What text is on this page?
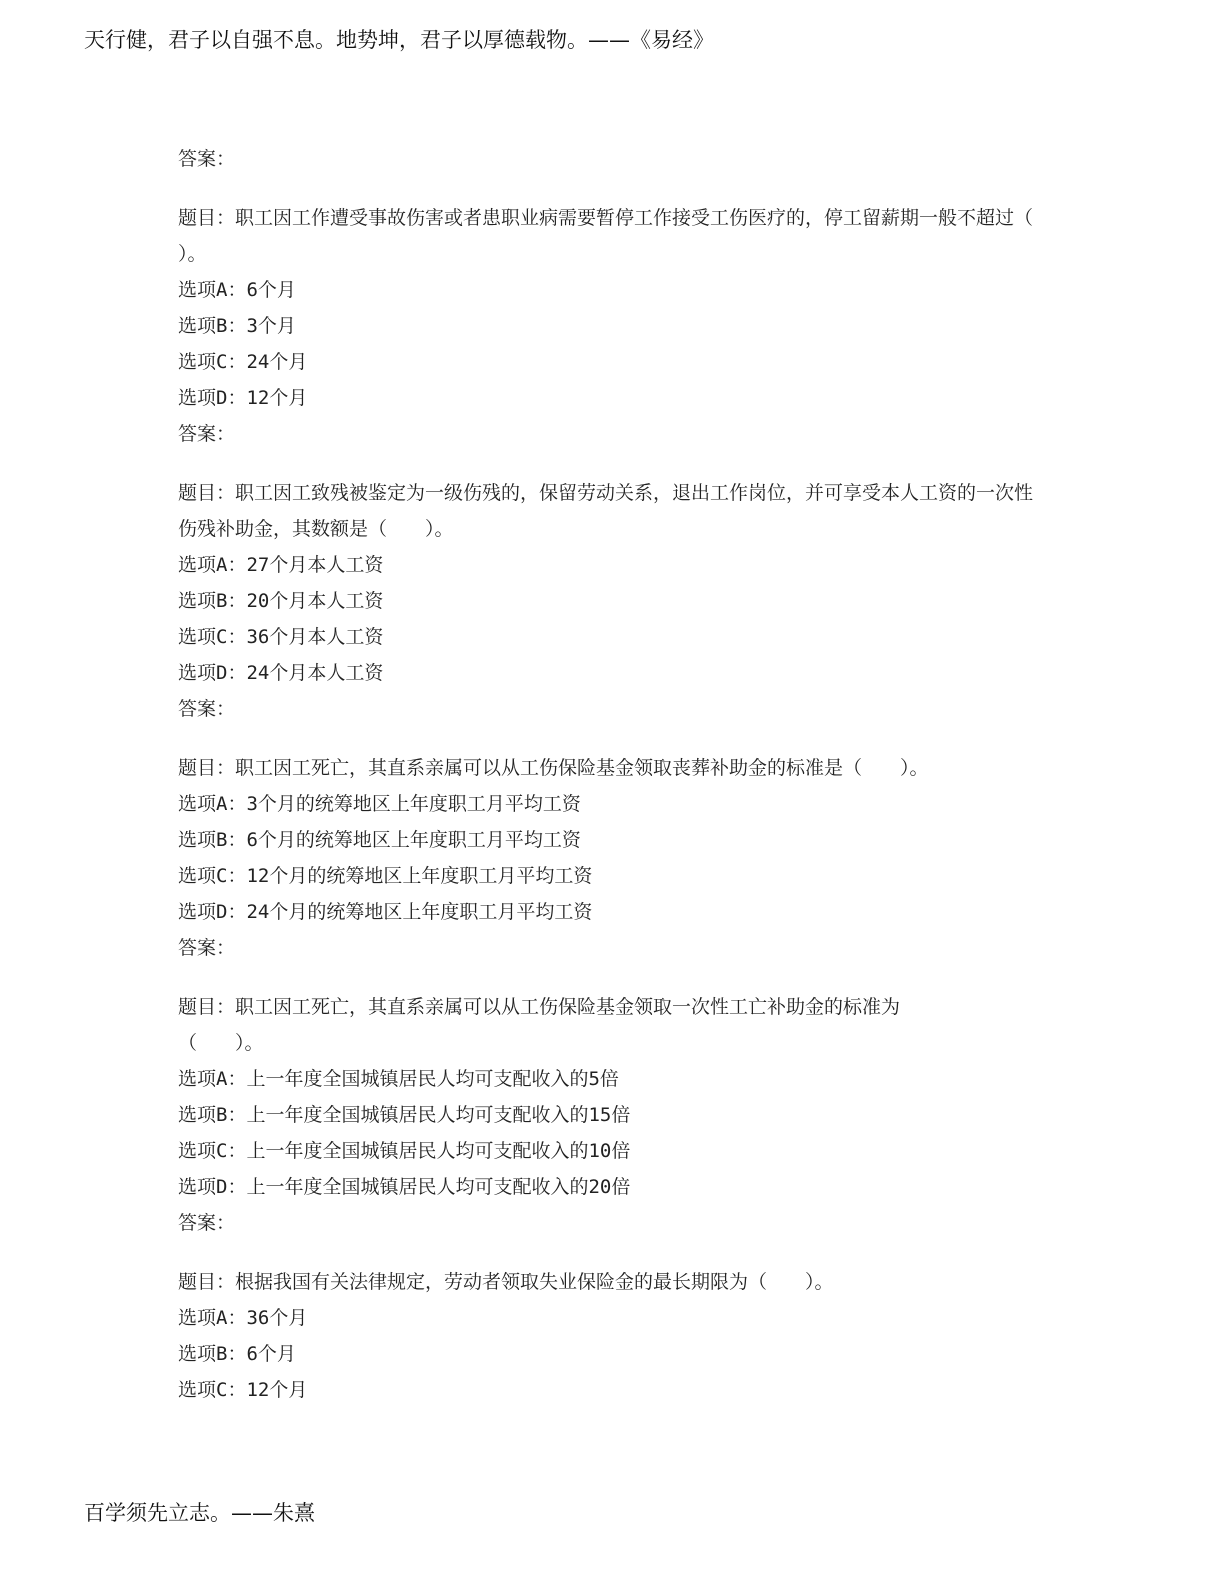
天行健，君子以自强不息。地势坤，君子以厚德载物。——《易经》
答案：
题目：职工因工作遭受事故伤害或者患职业病需要暂停工作接受工伤医疗的，停工留薪期一般不超过（　　）。
选项A：6个月
选项B：3个月
选项C：24个月
选项D：12个月
答案：
题目：职工因工致残被鉴定为一级伤残的，保留劳动关系，退出工作岗位，并可享受本人工资的一次性伤残补助金，其数额是（　　）。
选项A：27个月本人工资
选项B：20个月本人工资
选项C：36个月本人工资
选项D：24个月本人工资
答案：
题目：职工因工死亡，其直系亲属可以从工伤保险基金领取丧葬补助金的标准是（　　）。
选项A：3个月的统筹地区上年度职工月平均工资
选项B：6个月的统筹地区上年度职工月平均工资
选项C：12个月的统筹地区上年度职工月平均工资
选项D：24个月的统筹地区上年度职工月平均工资
答案：
题目：职工因工死亡，其直系亲属可以从工伤保险基金领取一次性工亡补助金的标准为
（　　）。
选项A：上一年度全国城镇居民人均可支配收入的5倍
选项B：上一年度全国城镇居民人均可支配收入的15倍
选项C：上一年度全国城镇居民人均可支配收入的10倍
选项D：上一年度全国城镇居民人均可支配收入的20倍
答案：
题目：根据我国有关法律规定，劳动者领取失业保险金的最长期限为（　　）。
选项A：36个月
选项B：6个月
选项C：12个月
百学须先立志。——朱熹
